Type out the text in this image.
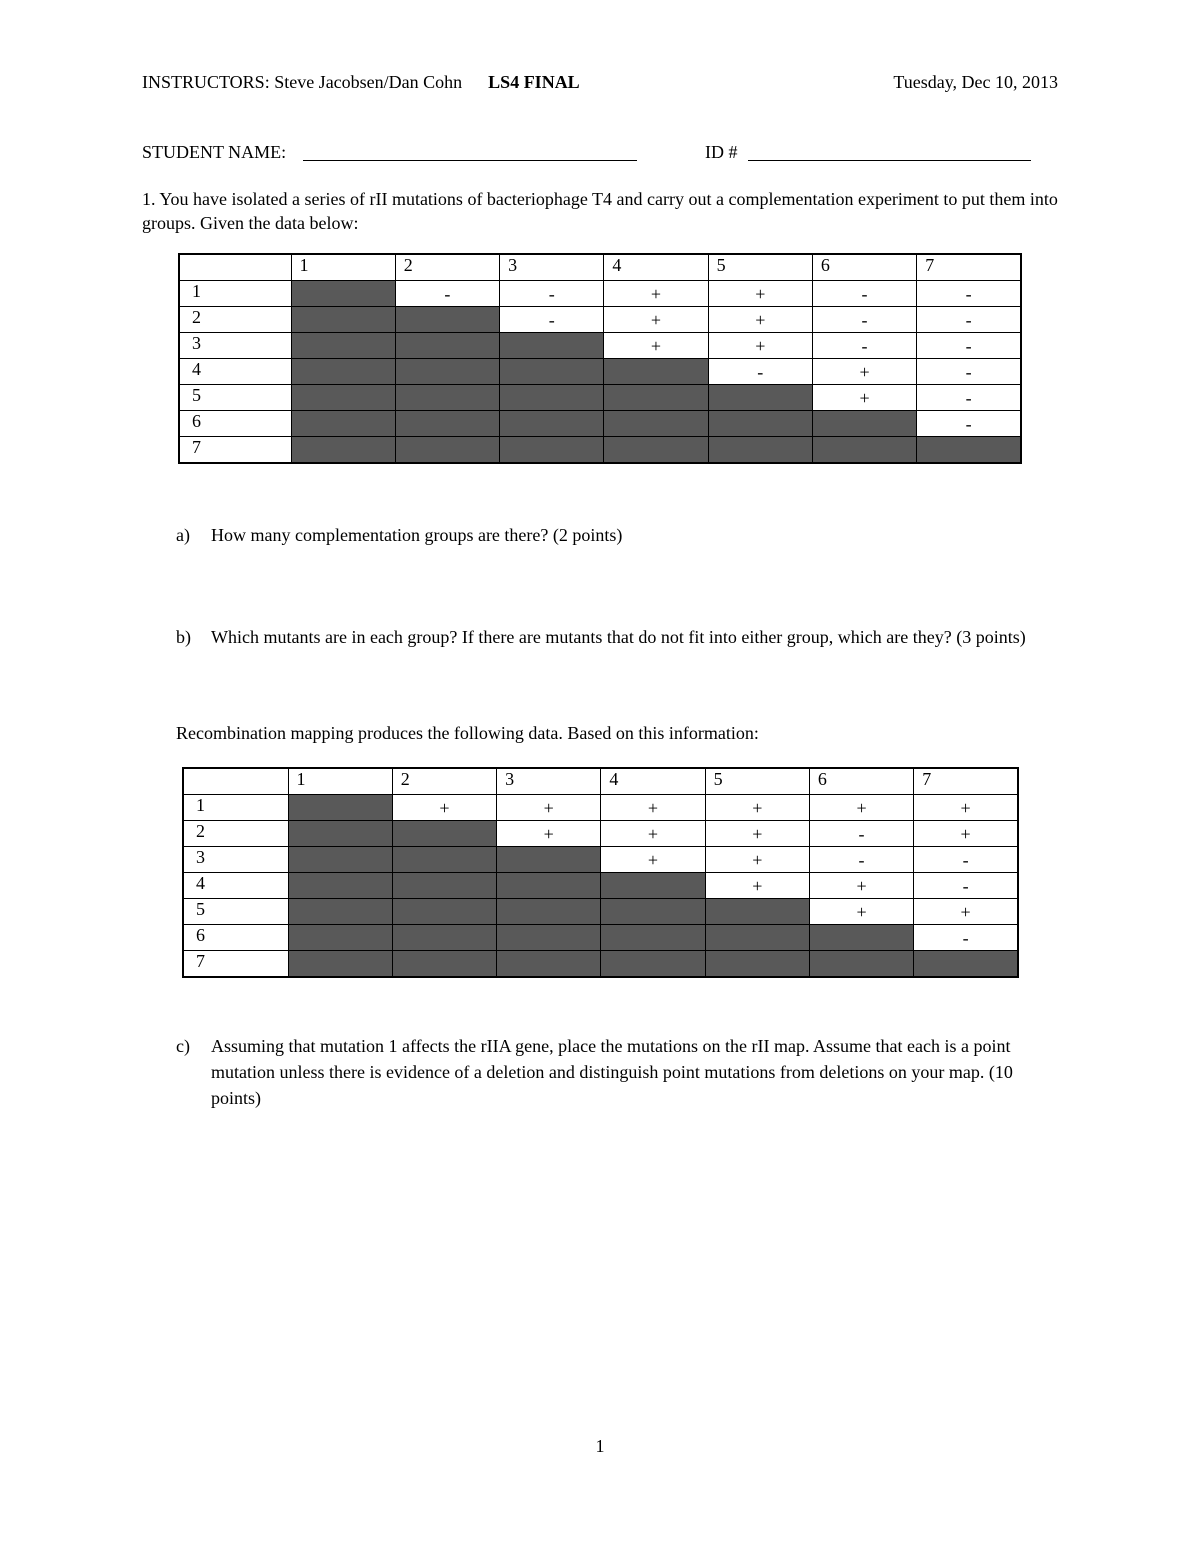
INSTRUCTORS: Steve Jacobsen/Dan Cohn LS4 FINAL	Tuesday, Dec 10, 2013
STUDENT NAME:	ID #
1. You have isolated a series of rII mutations of bacteriophage T4 and carry out a complementation experiment to put them into groups. Given the data below:
	1	2	3	4	5	6	7
1		-	-	+	+	-	-
2			-	+	+	-	-
3				+	+	-	-
4					-	+	-
5						+	-
6							-
7							
a) How many complementation groups are there? (2 points)
b) Which mutants are in each group? If there are mutants that do not fit into either group, which are they? (3 points)
Recombination mapping produces the following data. Based on this information:
	1	2	3	4	5	6	7
1		+	+	+	+	+	+
2			+	+	+	-	+
3				+	+	-	-
4					+	+	-
5						+	+
6							-
7							
c) Assuming that mutation 1 affects the rIIA gene, place the mutations on the rII map. Assume that each is a point mutation unless there is evidence of a deletion and distinguish point mutations from deletions on your map. (10 points)
1
